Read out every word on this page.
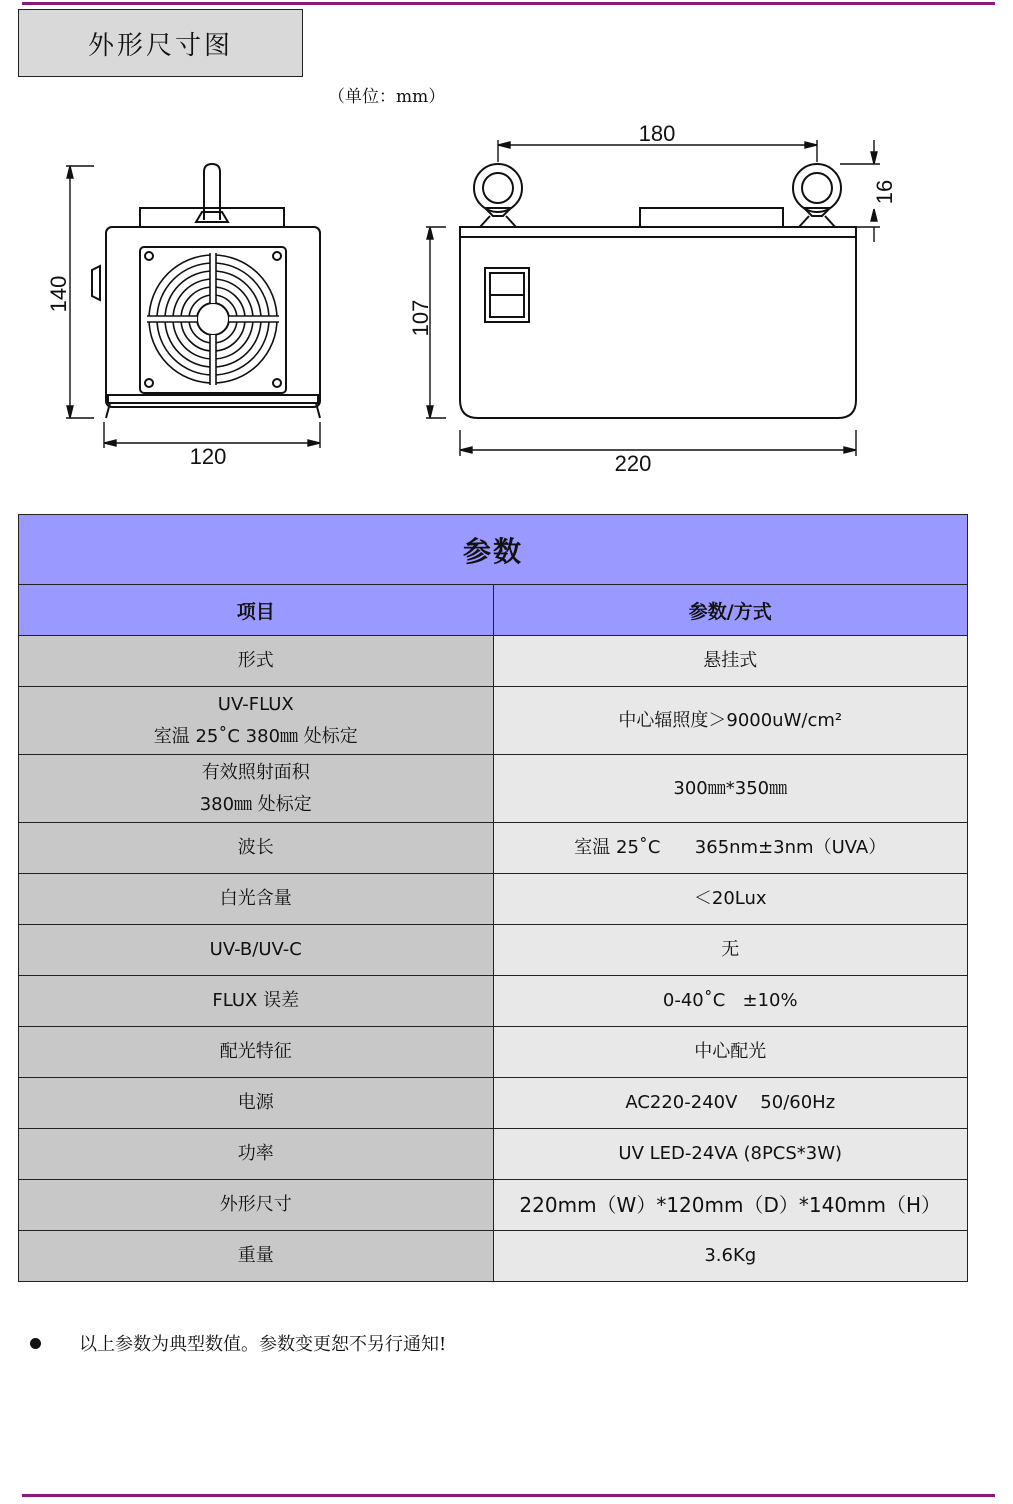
外形尺寸图
（单位：mm）
120
140
180
16
107
220
参数	
项目	参数/方式
形式	悬挂式

UV-FLUX
室温 25˚C 380㎜ 处标定	中心辐照度＞9000uW/cm²

有效照射面积
380㎜ 处标定	300㎜*350㎜
波长	室温 25˚C      365nm±3nm（UVA）
白光含量	＜20Lux
UV-B/UV-C	无
FLUX 误差	0-40˚C   ±10%
配光特征	中心配光
电源	AC220-240V    50/60Hz
功率	UV LED-24VA (8PCS*3W)
外形尺寸	220mm（W）*120mm（D）*140mm（H）
重量	3.6Kg
以上参数为典型数值。参数变更恕不另行通知!
